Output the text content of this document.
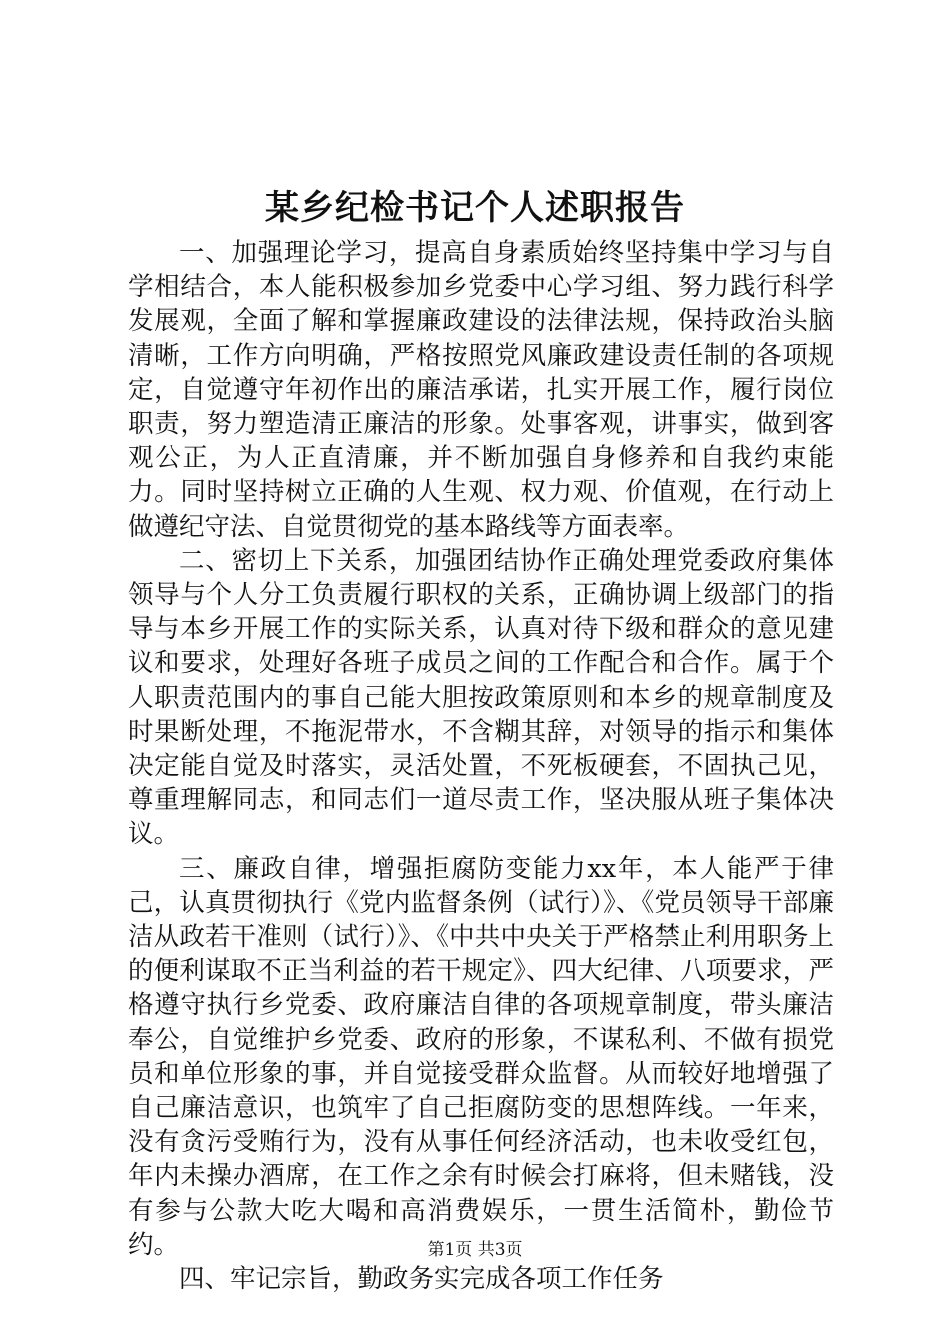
某乡纪检书记个人述职报告

一、加强理论学习，提高自身素质始终坚持集中学习与自学相结合，本人能积极参加乡党委中心学习组、努力践行科学发展观，全面了解和掌握廉政建设的法律法规，保持政治头脑清晰，工作方向明确，严格按照党风廉政建设责任制的各项规定，自觉遵守年初作出的廉洁承诺，扎实开展工作，履行岗位职责，努力塑造清正廉洁的形象。处事客观，讲事实，做到客观公正，为人正直清廉，并不断加强自身修养和自我约束能力。同时坚持树立正确的人生观、权力观、价值观，在行动上做遵纪守法、自觉贯彻党的基本路线等方面表率。

二、密切上下关系，加强团结协作正确处理党委政府集体领导与个人分工负责履行职权的关系，正确协调上级部门的指导与本乡开展工作的实际关系，认真对待下级和群众的意见建议和要求，处理好各班子成员之间的工作配合和合作。属于个人职责范围内的事自己能大胆按政策原则和本乡的规章制度及时果断处理，不拖泥带水，不含糊其辞，对领导的指示和集体决定能自觉及时落实，灵活处置，不死板硬套，不固执己见，尊重理解同志，和同志们一道尽责工作，坚决服从班子集体决议。

三、廉政自律，增强拒腐防变能力xx年，本人能严于律己，认真贯彻执行《党内监督条例（试行）》、《党员领导干部廉洁从政若干准则（试行）》、《中共中央关于严格禁止利用职务上的便利谋取不正当利益的若干规定》、四大纪律、八项要求，严格遵守执行乡党委、政府廉洁自律的各项规章制度，带头廉洁奉公，自觉维护乡党委、政府的形象，不谋私利、不做有损党员和单位形象的事，并自觉接受群众监督。从而较好地增强了自己廉洁意识，也筑牢了自己拒腐防变的思想阵线。一年来，没有贪污受贿行为，没有从事任何经济活动，也未收受红包，年内未操办酒席，在工作之余有时候会打麻将，但未赌钱，没有参与公款大吃大喝和高消费娱乐，一贯生活简朴，勤俭节约。

四、牢记宗旨，勤政务实完成各项工作任务

第1页 共3页
